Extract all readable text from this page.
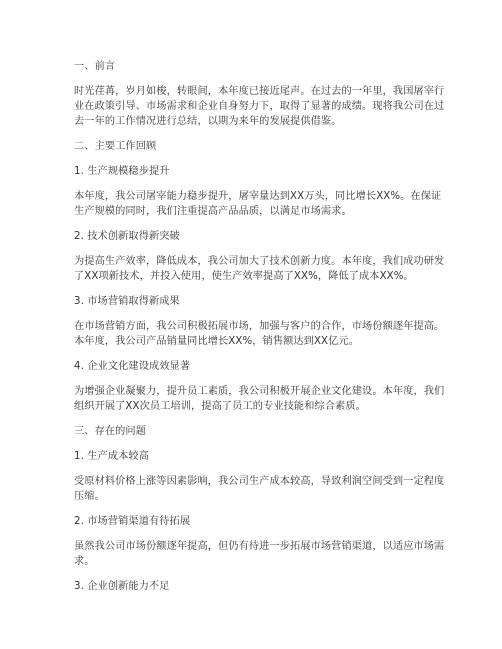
一、前言
时光荏苒，岁月如梭，转眼间，本年度已接近尾声。在过去的一年里，我国屠宰行
业在政策引导、市场需求和企业自身努力下，取得了显著的成绩。现将我公司在过
去一年的工作情况进行总结，以期为来年的发展提供借鉴。
二、主要工作回顾
1. 生产规模稳步提升
本年度，我公司屠宰能力稳步提升，屠宰量达到XX万头，同比增长XX%。在保证
生产规模的同时，我们注重提高产品品质，以满足市场需求。
2. 技术创新取得新突破
为提高生产效率，降低成本，我公司加大了技术创新力度。本年度，我们成功研发
了XX项新技术，并投入使用，使生产效率提高了XX%，降低了成本XX%。
3. 市场营销取得新成果
在市场营销方面，我公司积极拓展市场，加强与客户的合作，市场份额逐年提高。
本年度，我公司产品销量同比增长XX%，销售额达到XX亿元。
4. 企业文化建设成效显著
为增强企业凝聚力，提升员工素质，我公司积极开展企业文化建设。本年度，我们
组织开展了XX次员工培训，提高了员工的专业技能和综合素质。
三、存在的问题
1. 生产成本较高
受原材料价格上涨等因素影响，我公司生产成本较高，导致利润空间受到一定程度
压缩。
2. 市场营销渠道有待拓展
虽然我公司市场份额逐年提高，但仍有待进一步拓展市场营销渠道，以适应市场需
求。
3. 企业创新能力不足
